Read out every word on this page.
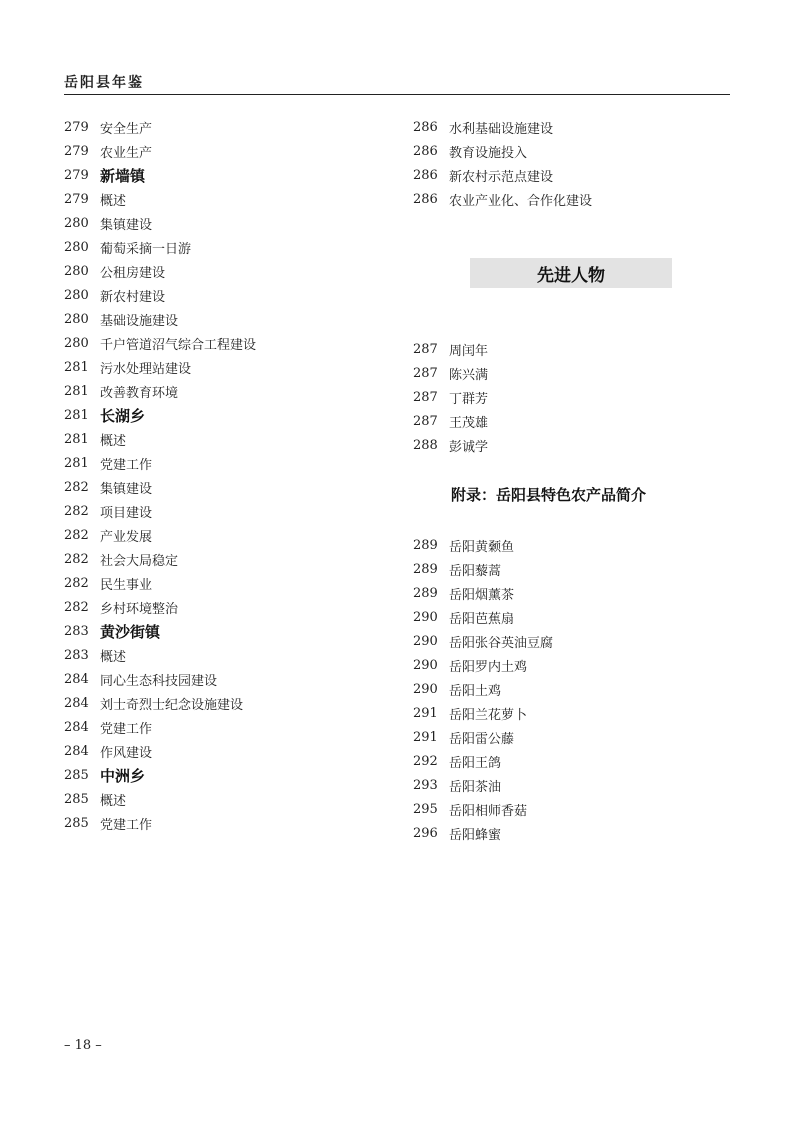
岳阳县年鉴
279 安全生产
279 农业生产
279 新墙镇
279 概述
280 集镇建设
280 葡萄采摘一日游
280 公租房建设
280 新农村建设
280 基础设施建设
280 千户管道沼气综合工程建设
281 污水处理站建设
281 改善教育环境
281 长湖乡
281 概述
281 党建工作
282 集镇建设
282 项目建设
282 产业发展
282 社会大局稳定
282 民生事业
282 乡村环境整治
283 黄沙街镇
283 概述
284 同心生态科技园建设
284 刘士奇烈士纪念设施建设
284 党建工作
284 作风建设
285 中洲乡
285 概述
285 党建工作
286 水利基础设施建设
286 教育设施投入
286 新农村示范点建设
286 农业产业化、合作化建设
先进人物
287 周闰年
287 陈兴满
287 丁群芳
287 王茂雄
288 彭诚学
附录：岳阳县特色农产品简介
289 岳阳黄颡鱼
289 岳阳藜蒿
289 岳阳烟薰茶
290 岳阳芭蕉扇
290 岳阳张谷英油豆腐
290 岳阳罗内土鸡
290 岳阳土鸡
291 岳阳兰花萝卜
291 岳阳雷公藤
292 岳阳王鸽
293 岳阳茶油
295 岳阳相师香菇
296 岳阳蜂蜜
– 18 –
